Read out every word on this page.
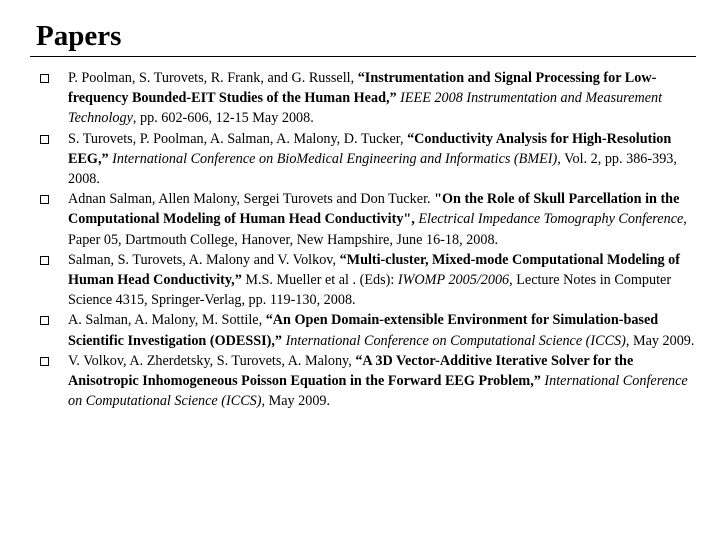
Papers
P. Poolman, S. Turovets, R. Frank, and G. Russell, “Instrumentation and Signal Processing for Low-frequency Bounded-EIT Studies of the Human Head,” IEEE 2008 Instrumentation and Measurement Technology, pp. 602-606, 12-15 May 2008.
S. Turovets, P. Poolman, A. Salman, A. Malony, D. Tucker, “Conductivity Analysis for High-Resolution EEG,” International Conference on BioMedical Engineering and Informatics (BMEI), Vol. 2, pp. 386-393, 2008.
Adnan Salman, Allen Malony, Sergei Turovets and Don Tucker. "On the Role of Skull Parcellation in the Computational Modeling of Human Head Conductivity", Electrical Impedance Tomography Conference, Paper 05, Dartmouth College, Hanover, New Hampshire, June 16-18, 2008.
Salman, S. Turovets, A. Malony and V. Volkov, “Multi-cluster, Mixed-mode Computational Modeling of Human Head Conductivity,” M.S. Mueller et al . (Eds): IWOMP 2005/2006, Lecture Notes in Computer Science 4315, Springer-Verlag, pp. 119-130, 2008.
A. Salman, A. Malony, M. Sottile, “An Open Domain-extensible Environment for Simulation-based Scientific Investigation (ODESSI),” International Conference on Computational Science (ICCS), May 2009.
V. Volkov, A. Zherdetsky, S. Turovets, A. Malony, “A 3D Vector-Additive Iterative Solver for the Anisotropic Inhomogeneous Poisson Equation in the Forward EEG Problem,” International Conference on Computational Science (ICCS), May 2009.
